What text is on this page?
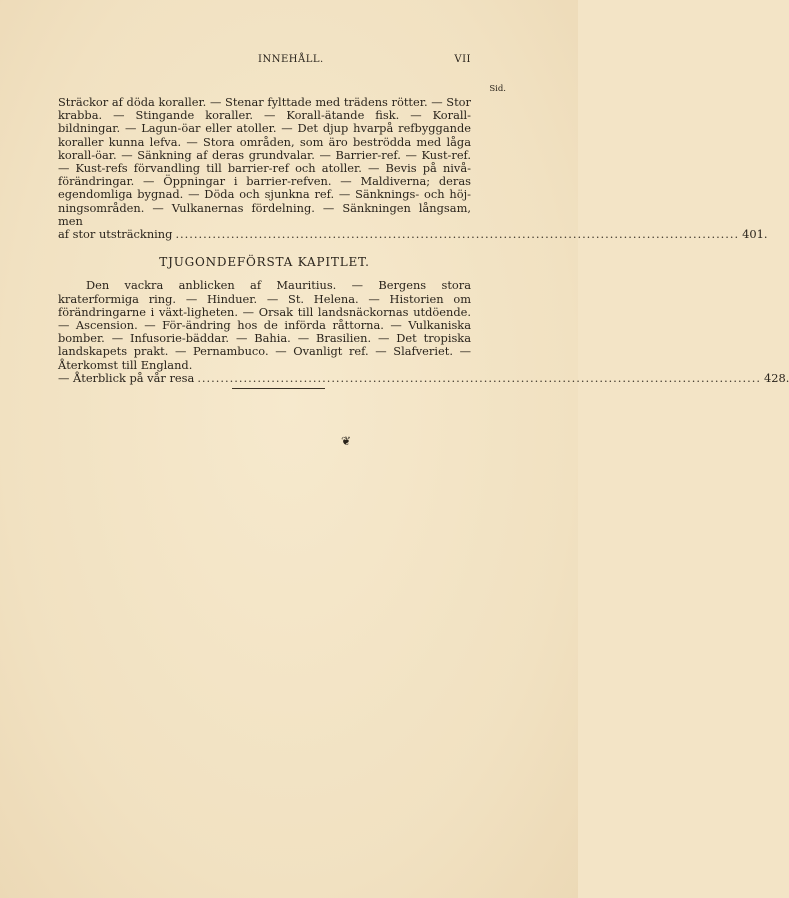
INNEHÅLL.	VII
Sid.

Sträckor af döda koraller. — Stenar fylttade med trädens rötter. — Stor krabba. — Stingande koraller. — Korall-ätande fisk. — Korall-bildningar. — Lagun-öar eller atoller. — Det djup hvarpå refbyggande koraller kunna lefva. — Stora områden, som äro beströdda med låga korall-öar. — Sänkning af deras grundvalar. — Barrier-ref. — Kust-ref. — Kust-refs förvandling till barrier-ref och atoller. — Bevis på nivå-förändringar. — Öppningar i barrier-refven. — Maldiverna; deras egendomliga bygnad. — Döda och sjunkna ref. — Sänknings- och höj-ningsområden. — Vulkanernas fördelning. — Sänkningen långsam, men

af stor utsträckning .......................................................................................................................... 401.
TJUGONDEFÖRSTA KAPITLET.

Den vackra anblicken af Mauritius. — Bergens stora kraterformiga ring. — Hinduer. — St. Helena. — Historien om förändringarne i växt-ligheten. — Orsak till landsnäckornas utdöende. — Ascension. — För-ändring hos de införda råttorna. — Vulkaniska bomber. — Infusorie-bäddar. — Bahia. — Brasilien. — Det tropiska landskapets prakt. — Pernambuco. — Ovanligt ref. — Slafveriet. — Återkomst till England.

— Återblick på vår resa .......................................................................................................................... 428.
❦
